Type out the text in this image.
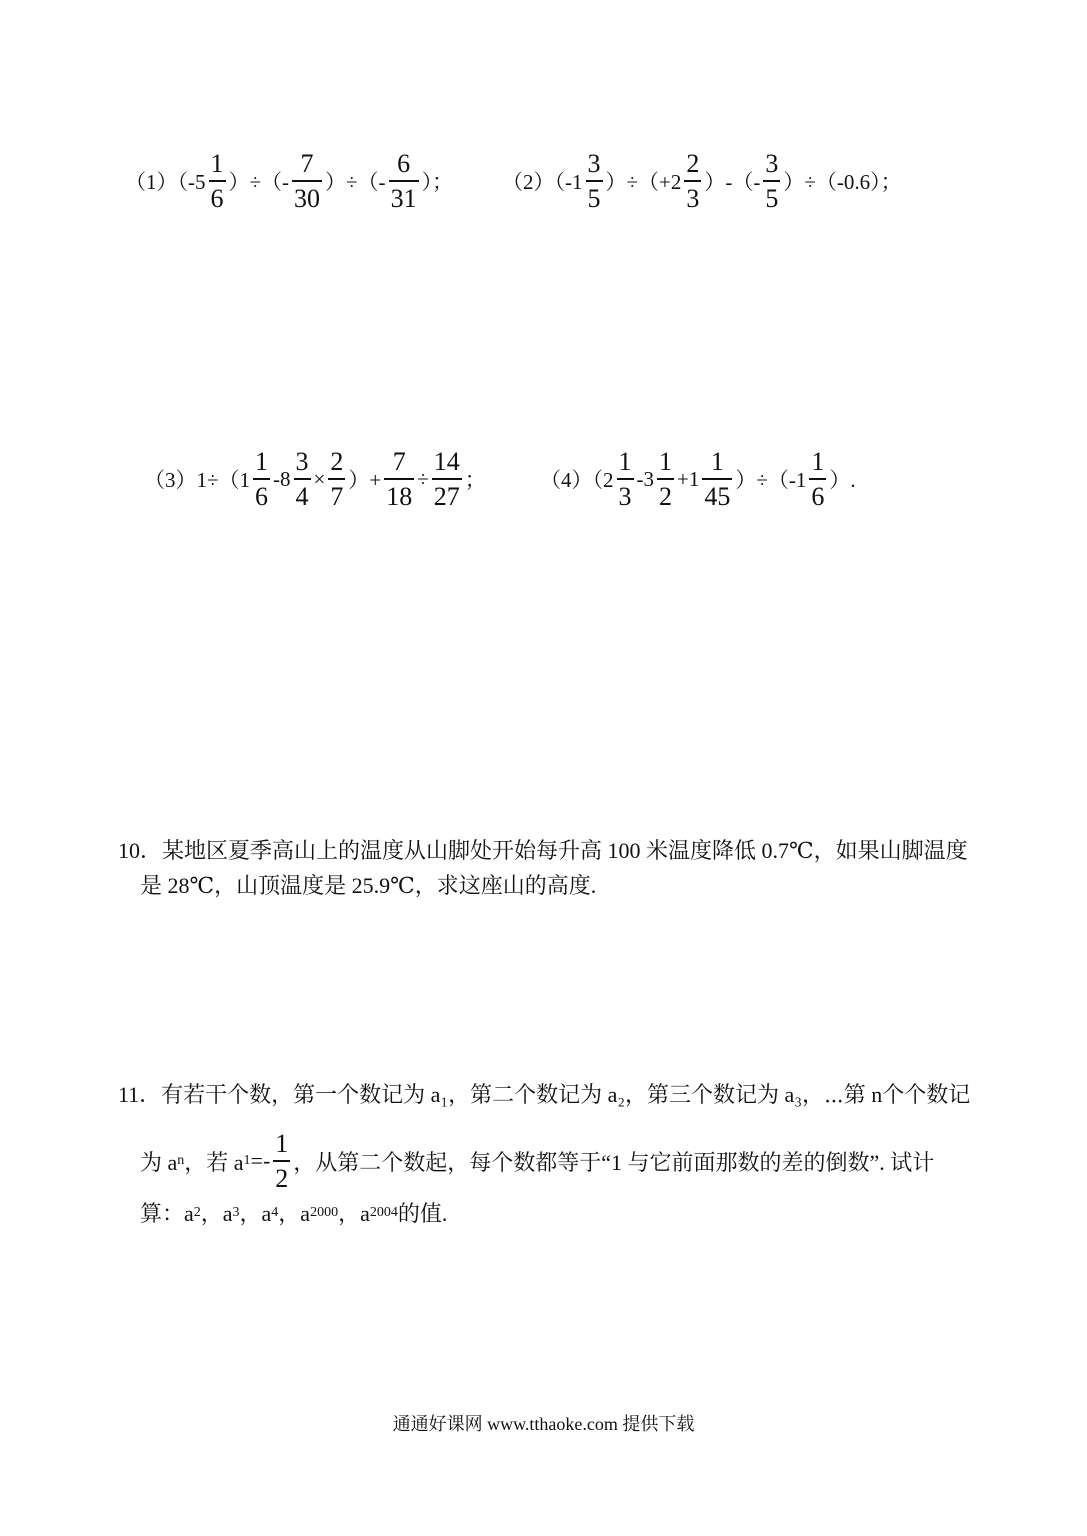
$(1)(-5 \frac{1}{6}$ ）÷（- $\frac{7}{30}$ ）÷（- $\frac{6}{31}$ ）； $(2)(-1 \frac{3}{5} )\div(+2 \frac{2}{3}$ ）-（- $\frac{3}{5} )\div(-0.6)$；
$(3)1\div(1 \frac{1}{6} -8 \frac{3}{4} \times \frac{2}{7}$ ）+ $\frac{7}{18} \div \frac{14}{27}$ ；	$(4)(2 \frac{1}{3} -3 \frac{1}{2} +1 \frac{1}{45} )\div(-1 \frac{1}{6}$ ）.
10．某地区夏季高山上的温度从山脚处开始每升高 100 米温度降低 0.7℃，如果山脚温度
是 28℃，山顶温度是 25.9℃，求这座山的高度.
11．有若干个数，第一个数记为 a₁，第二个数记为 a₂，第三个数记为 a₃，⋯第 n个个数记
为 a n ，若 a $1 =- \frac{1}{2}$ ，从第二个数起，每个数都等于“1 与它前面那数的差的倒数”. 试计
算：a 2 ，a 3 ，a 4 ，a 2000 ，a 2004 的值.
通通好课网 www.tthaoke.com 提供下载
